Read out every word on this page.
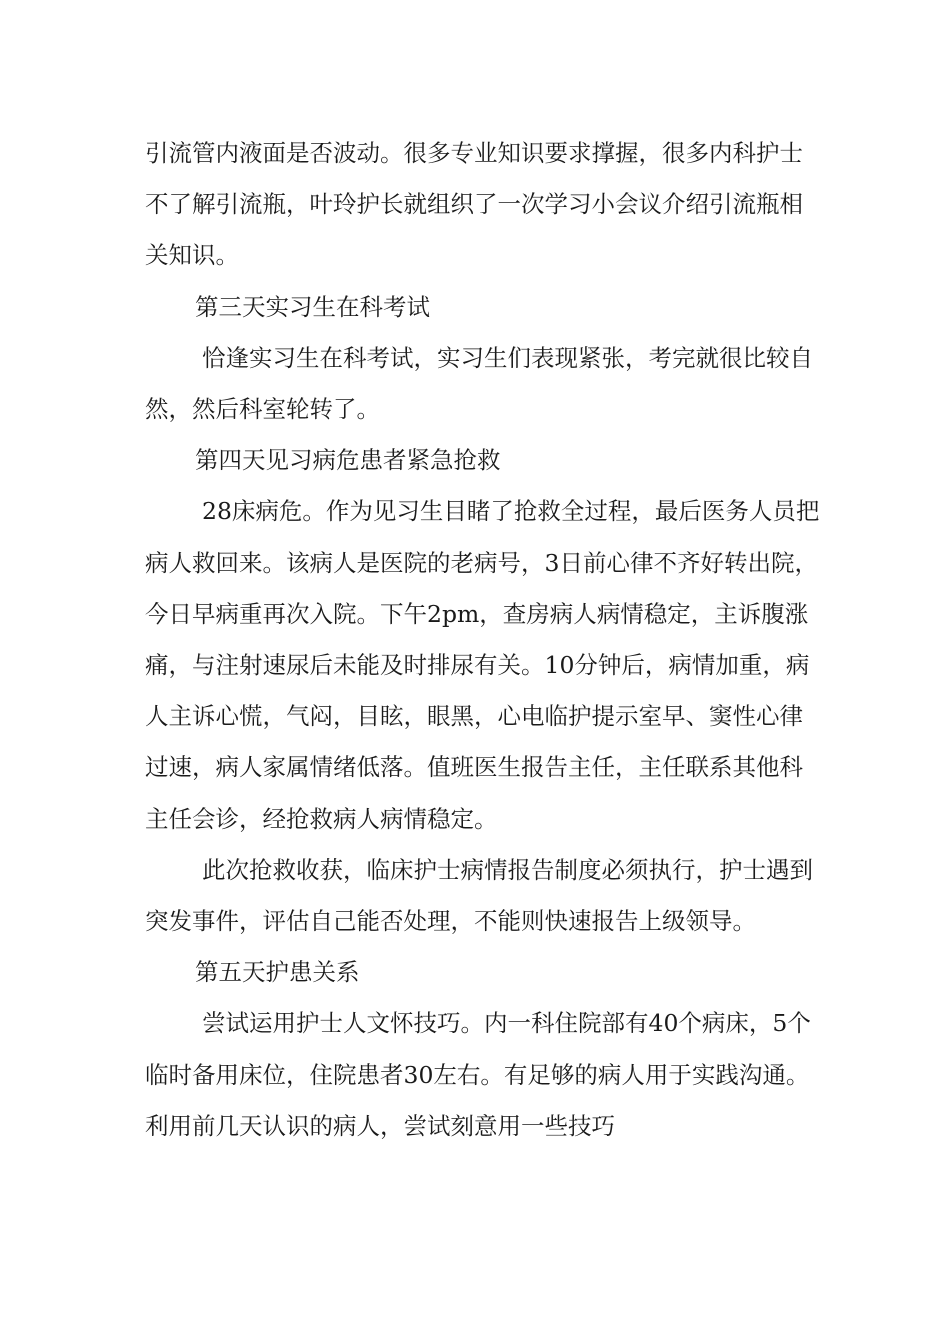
引流管内液面是否波动。很多专业知识要求撑握，很多内科护士不了解引流瓶，叶玲护长就组织了一次学习小会议介绍引流瓶相关知识。

第三天实习生在科考试

恰逢实习生在科考试，实习生们表现紧张，考完就很比较自然，然后科室轮转了。

第四天见习病危患者紧急抢救

28床病危。作为见习生目睹了抢救全过程，最后医务人员把病人救回来。该病人是医院的老病号，3日前心律不齐好转出院，今日早病重再次入院。下午2pm，查房病人病情稳定，主诉腹涨痛，与注射速尿后未能及时排尿有关。10分钟后，病情加重，病人主诉心慌，气闷，目眩，眼黑，心电临护提示室早、窦性心律过速，病人家属情绪低落。值班医生报告主任，主任联系其他科主任会诊，经抢救病人病情稳定。

此次抢救收获，临床护士病情报告制度必须执行，护士遇到突发事件，评估自己能否处理，不能则快速报告上级领导。

第五天护患关系

尝试运用护士人文怀技巧。内一科住院部有40个病床，5个临时备用床位，住院患者30左右。有足够的病人用于实践沟通。利用前几天认识的病人，尝试刻意用一些技巧
